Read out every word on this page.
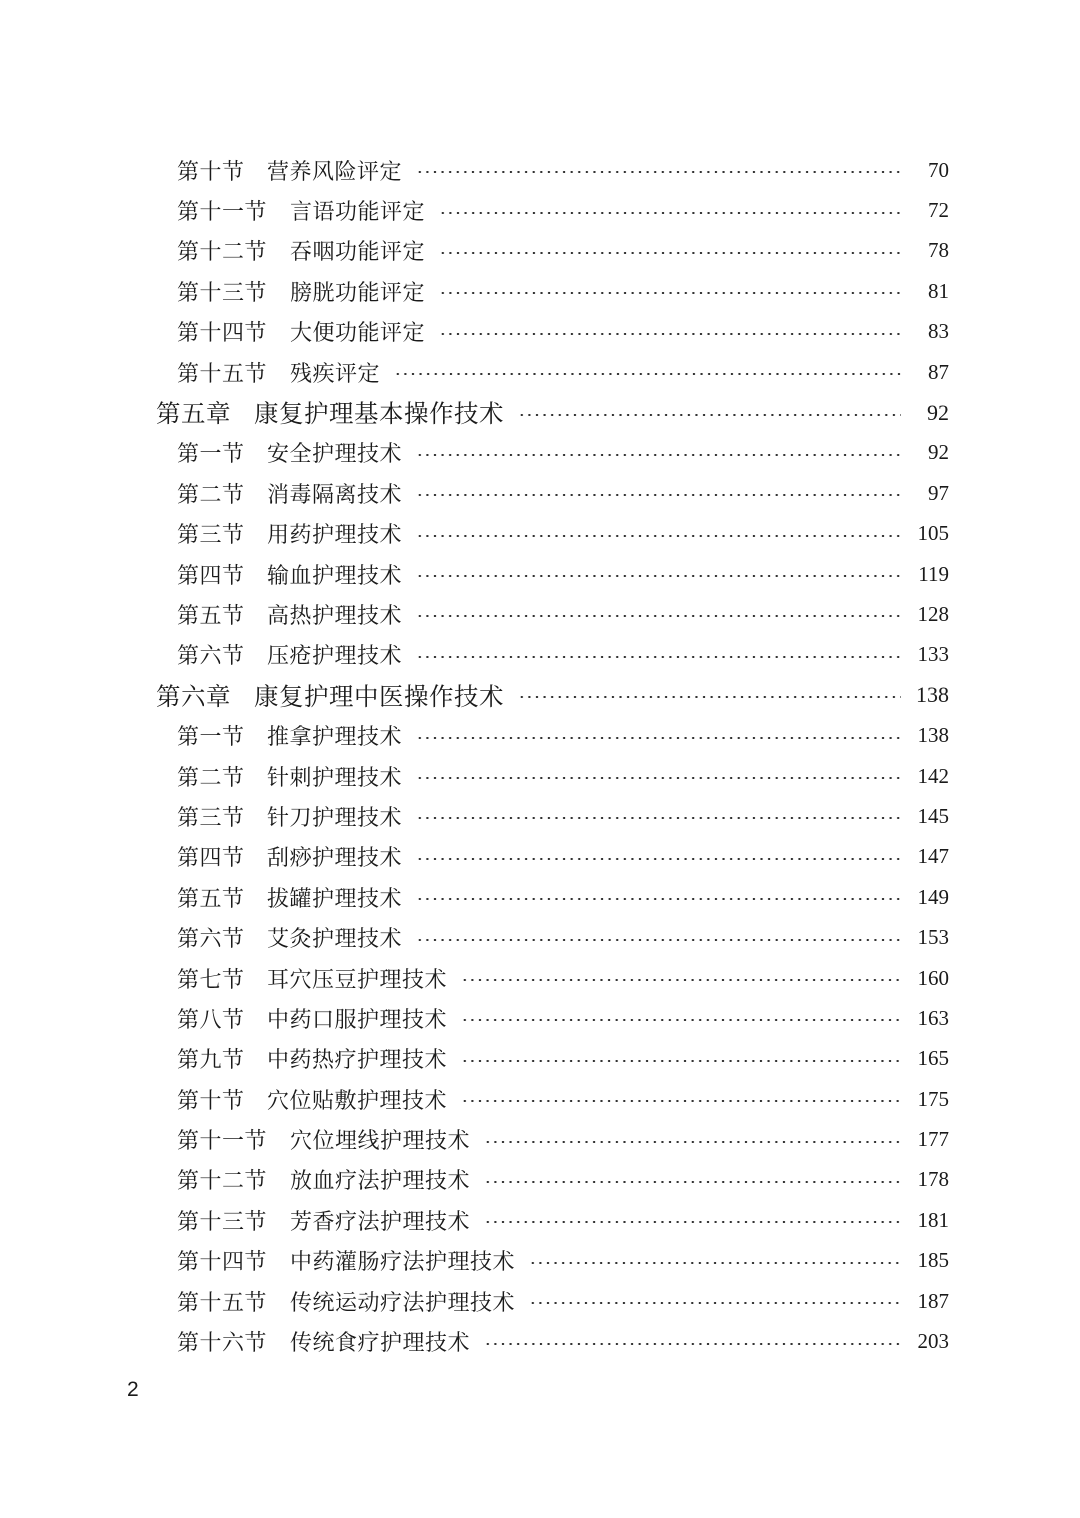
第十节	营养风险评定	70
第十一节	言语功能评定	72
第十二节	吞咽功能评定	78
第十三节	膀胱功能评定	81
第十四节	大便功能评定	83
第十五节	残疾评定	87
第五章 康复护理基本操作技术	92
第一节	安全护理技术	92
第二节	消毒隔离技术	97
第三节	用药护理技术	105
第四节	输血护理技术	119
第五节	高热护理技术	128
第六节	压疮护理技术	133
第六章 康复护理中医操作技术	138
第一节	推拿护理技术	138
第二节	针刺护理技术	142
第三节	针刀护理技术	145
第四节	刮痧护理技术	147
第五节	拔罐护理技术	149
第六节	艾灸护理技术	153
第七节	耳穴压豆护理技术	160
第八节	中药口服护理技术	163
第九节	中药热疗护理技术	165
第十节	穴位贴敷护理技术	175
第十一节	穴位埋线护理技术	177
第十二节	放血疗法护理技术	178
第十三节	芳香疗法护理技术	181
第十四节	中药灌肠疗法护理技术	185
第十五节	传统运动疗法护理技术	187
第十六节	传统食疗护理技术	203
2
